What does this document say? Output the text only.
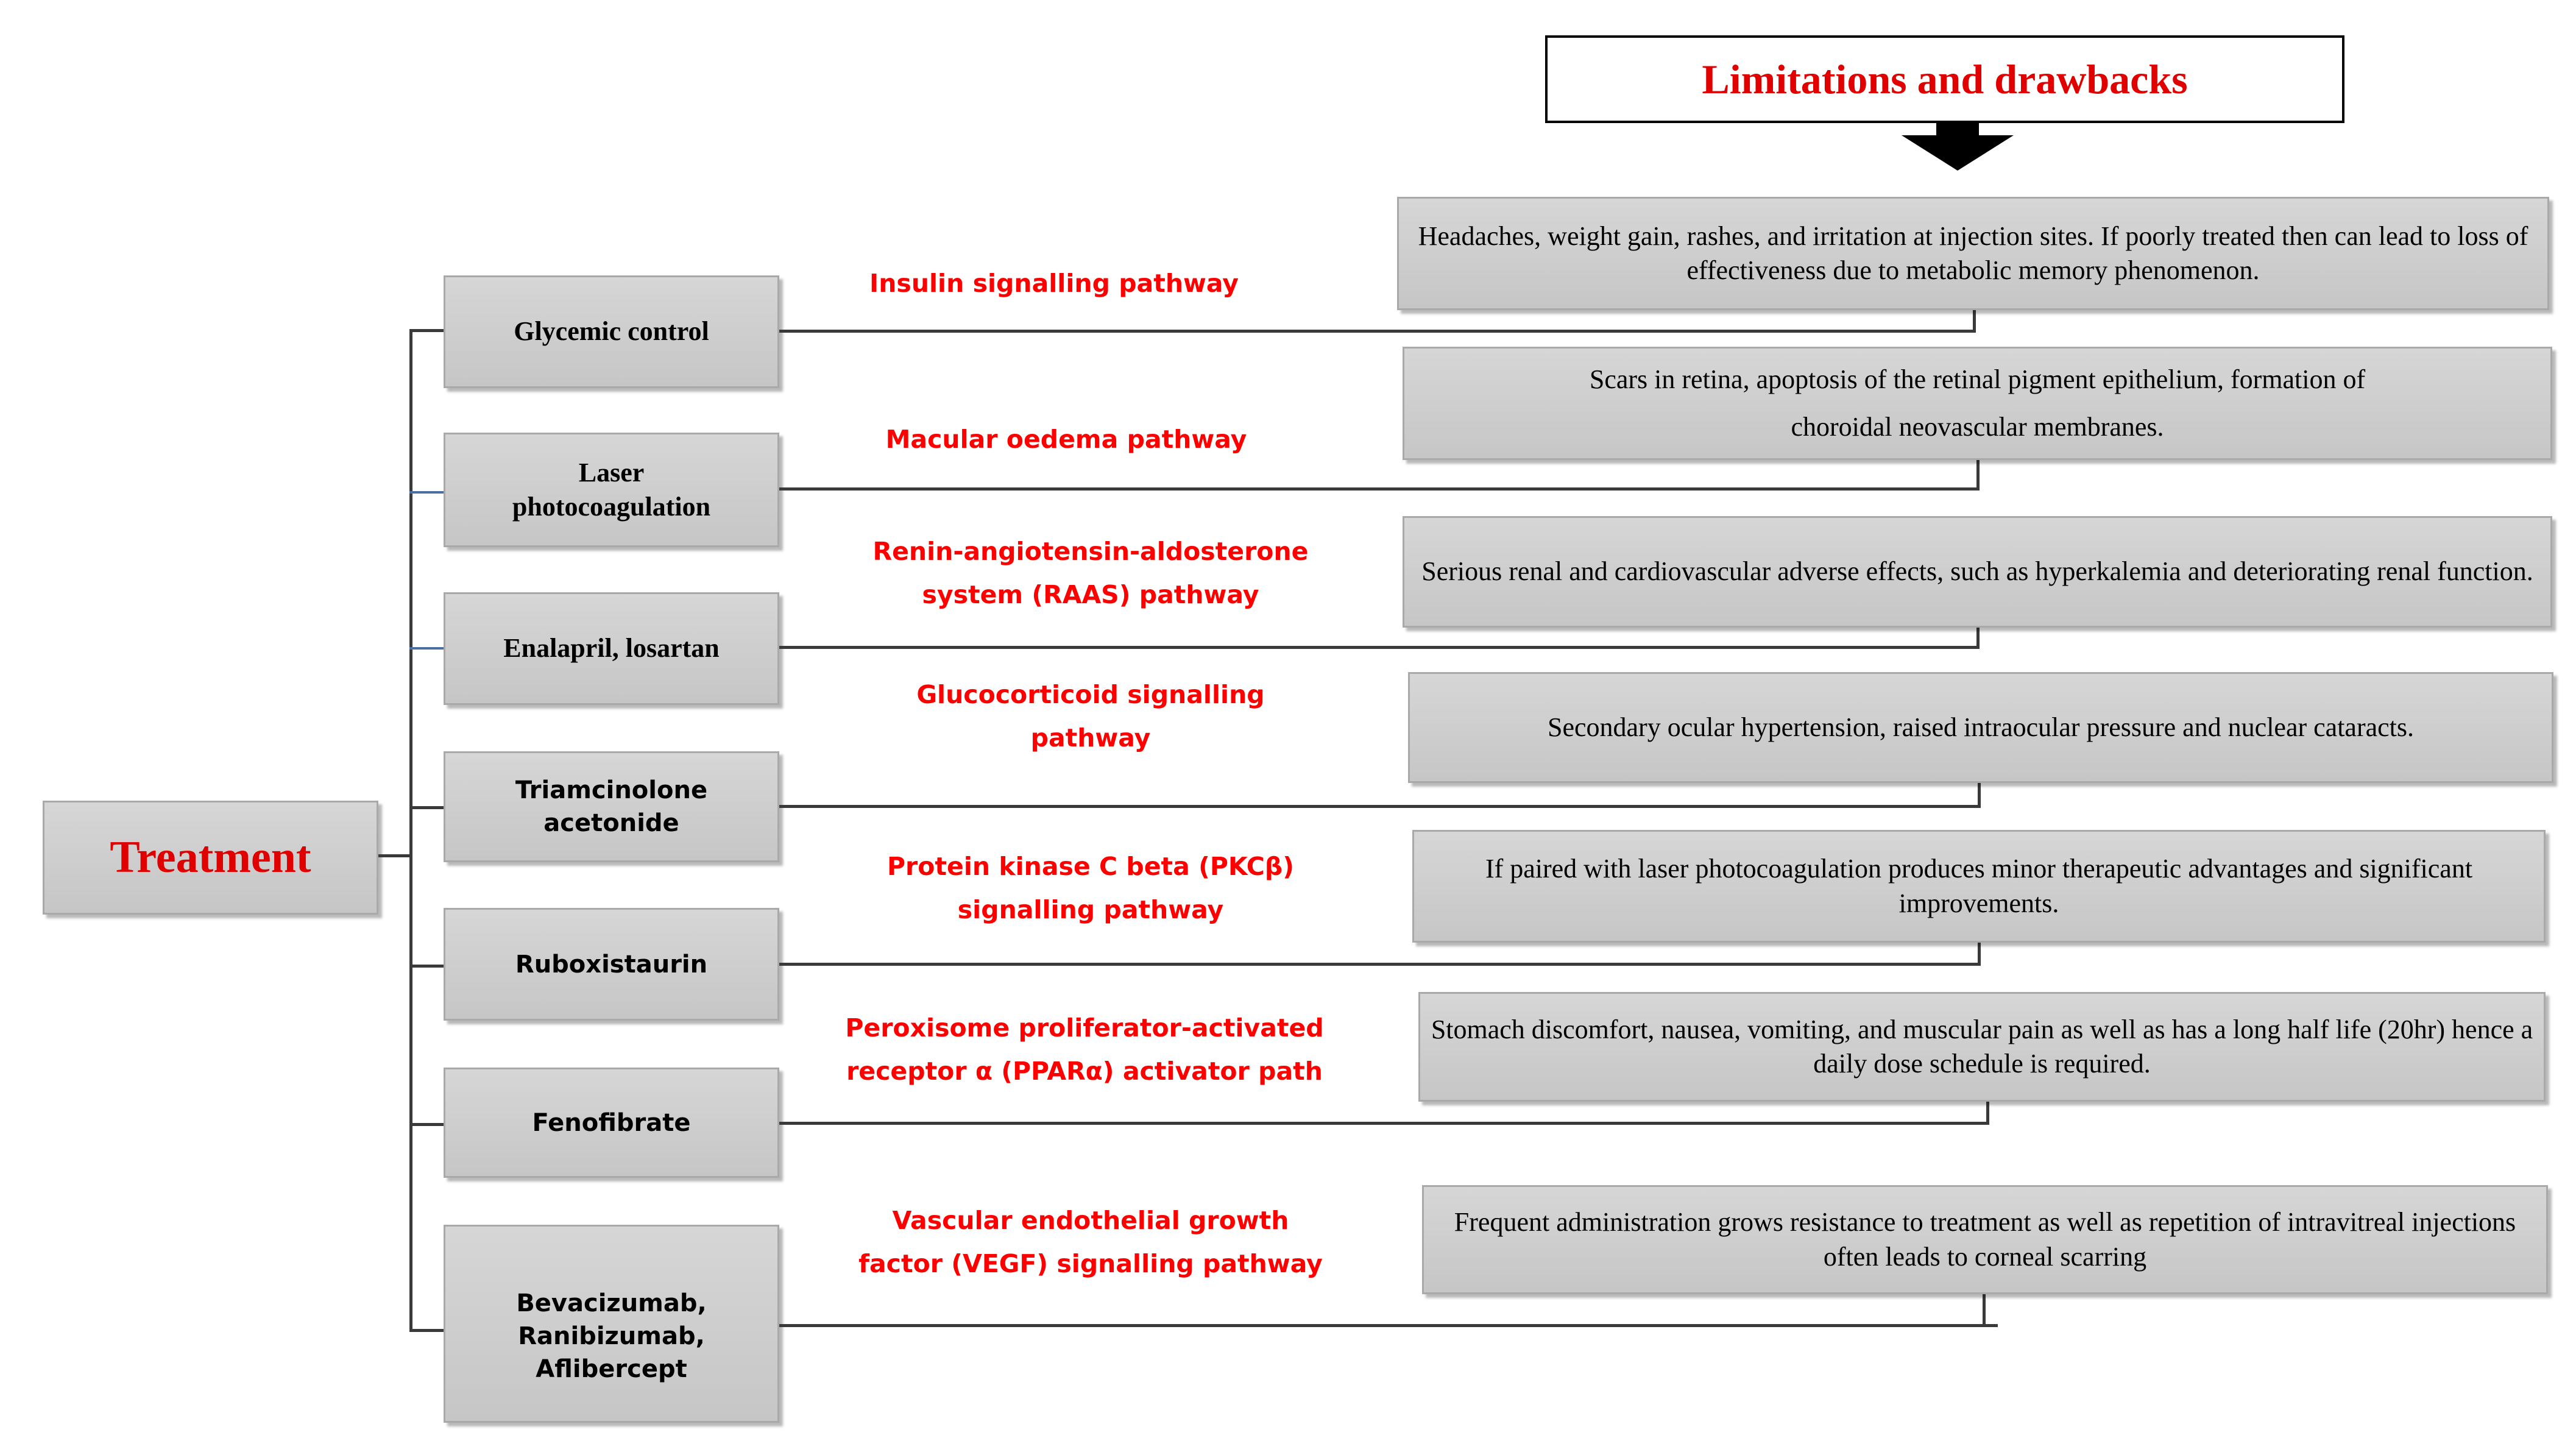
Limitations and drawbacks
Treatment
Glycemic control
Insulin signalling pathway
Headaches, weight gain, rashes, and irritation at injection sites. If poorly treated then can lead to loss of effectiveness due to metabolic memory phenomenon.
Laser photocoagulation
Macular oedema pathway
Scars in retina, apoptosis of the retinal pigment epithelium, formation of choroidal neovascular membranes.
Enalapril, losartan
Renin-angiotensin-aldosterone system (RAAS) pathway
Serious renal and cardiovascular adverse effects, such as hyperkalemia and deteriorating renal function.
Triamcinolone acetonide
Glucocorticoid signalling pathway	Secondary ocular hypertension, raised intraocular pressure and nuclear cataracts.
Ruboxistaurin
Protein kinase C beta (PKCβ) signalling pathway
If paired with laser photocoagulation produces minor therapeutic advantages and significant improvements.
Fenofibrate
Peroxisome proliferator-activated receptor α (PPARα) activator path
Stomach discomfort, nausea, vomiting, and muscular pain as well as has a long half life (20hr) hence a daily dose schedule is required.
Bevacizumab, Ranibizumab, Aflibercept
Vascular endothelial growth factor (VEGF) signalling pathway
Frequent administration grows resistance to treatment as well as repetition of intravitreal injections often leads to corneal scarring
